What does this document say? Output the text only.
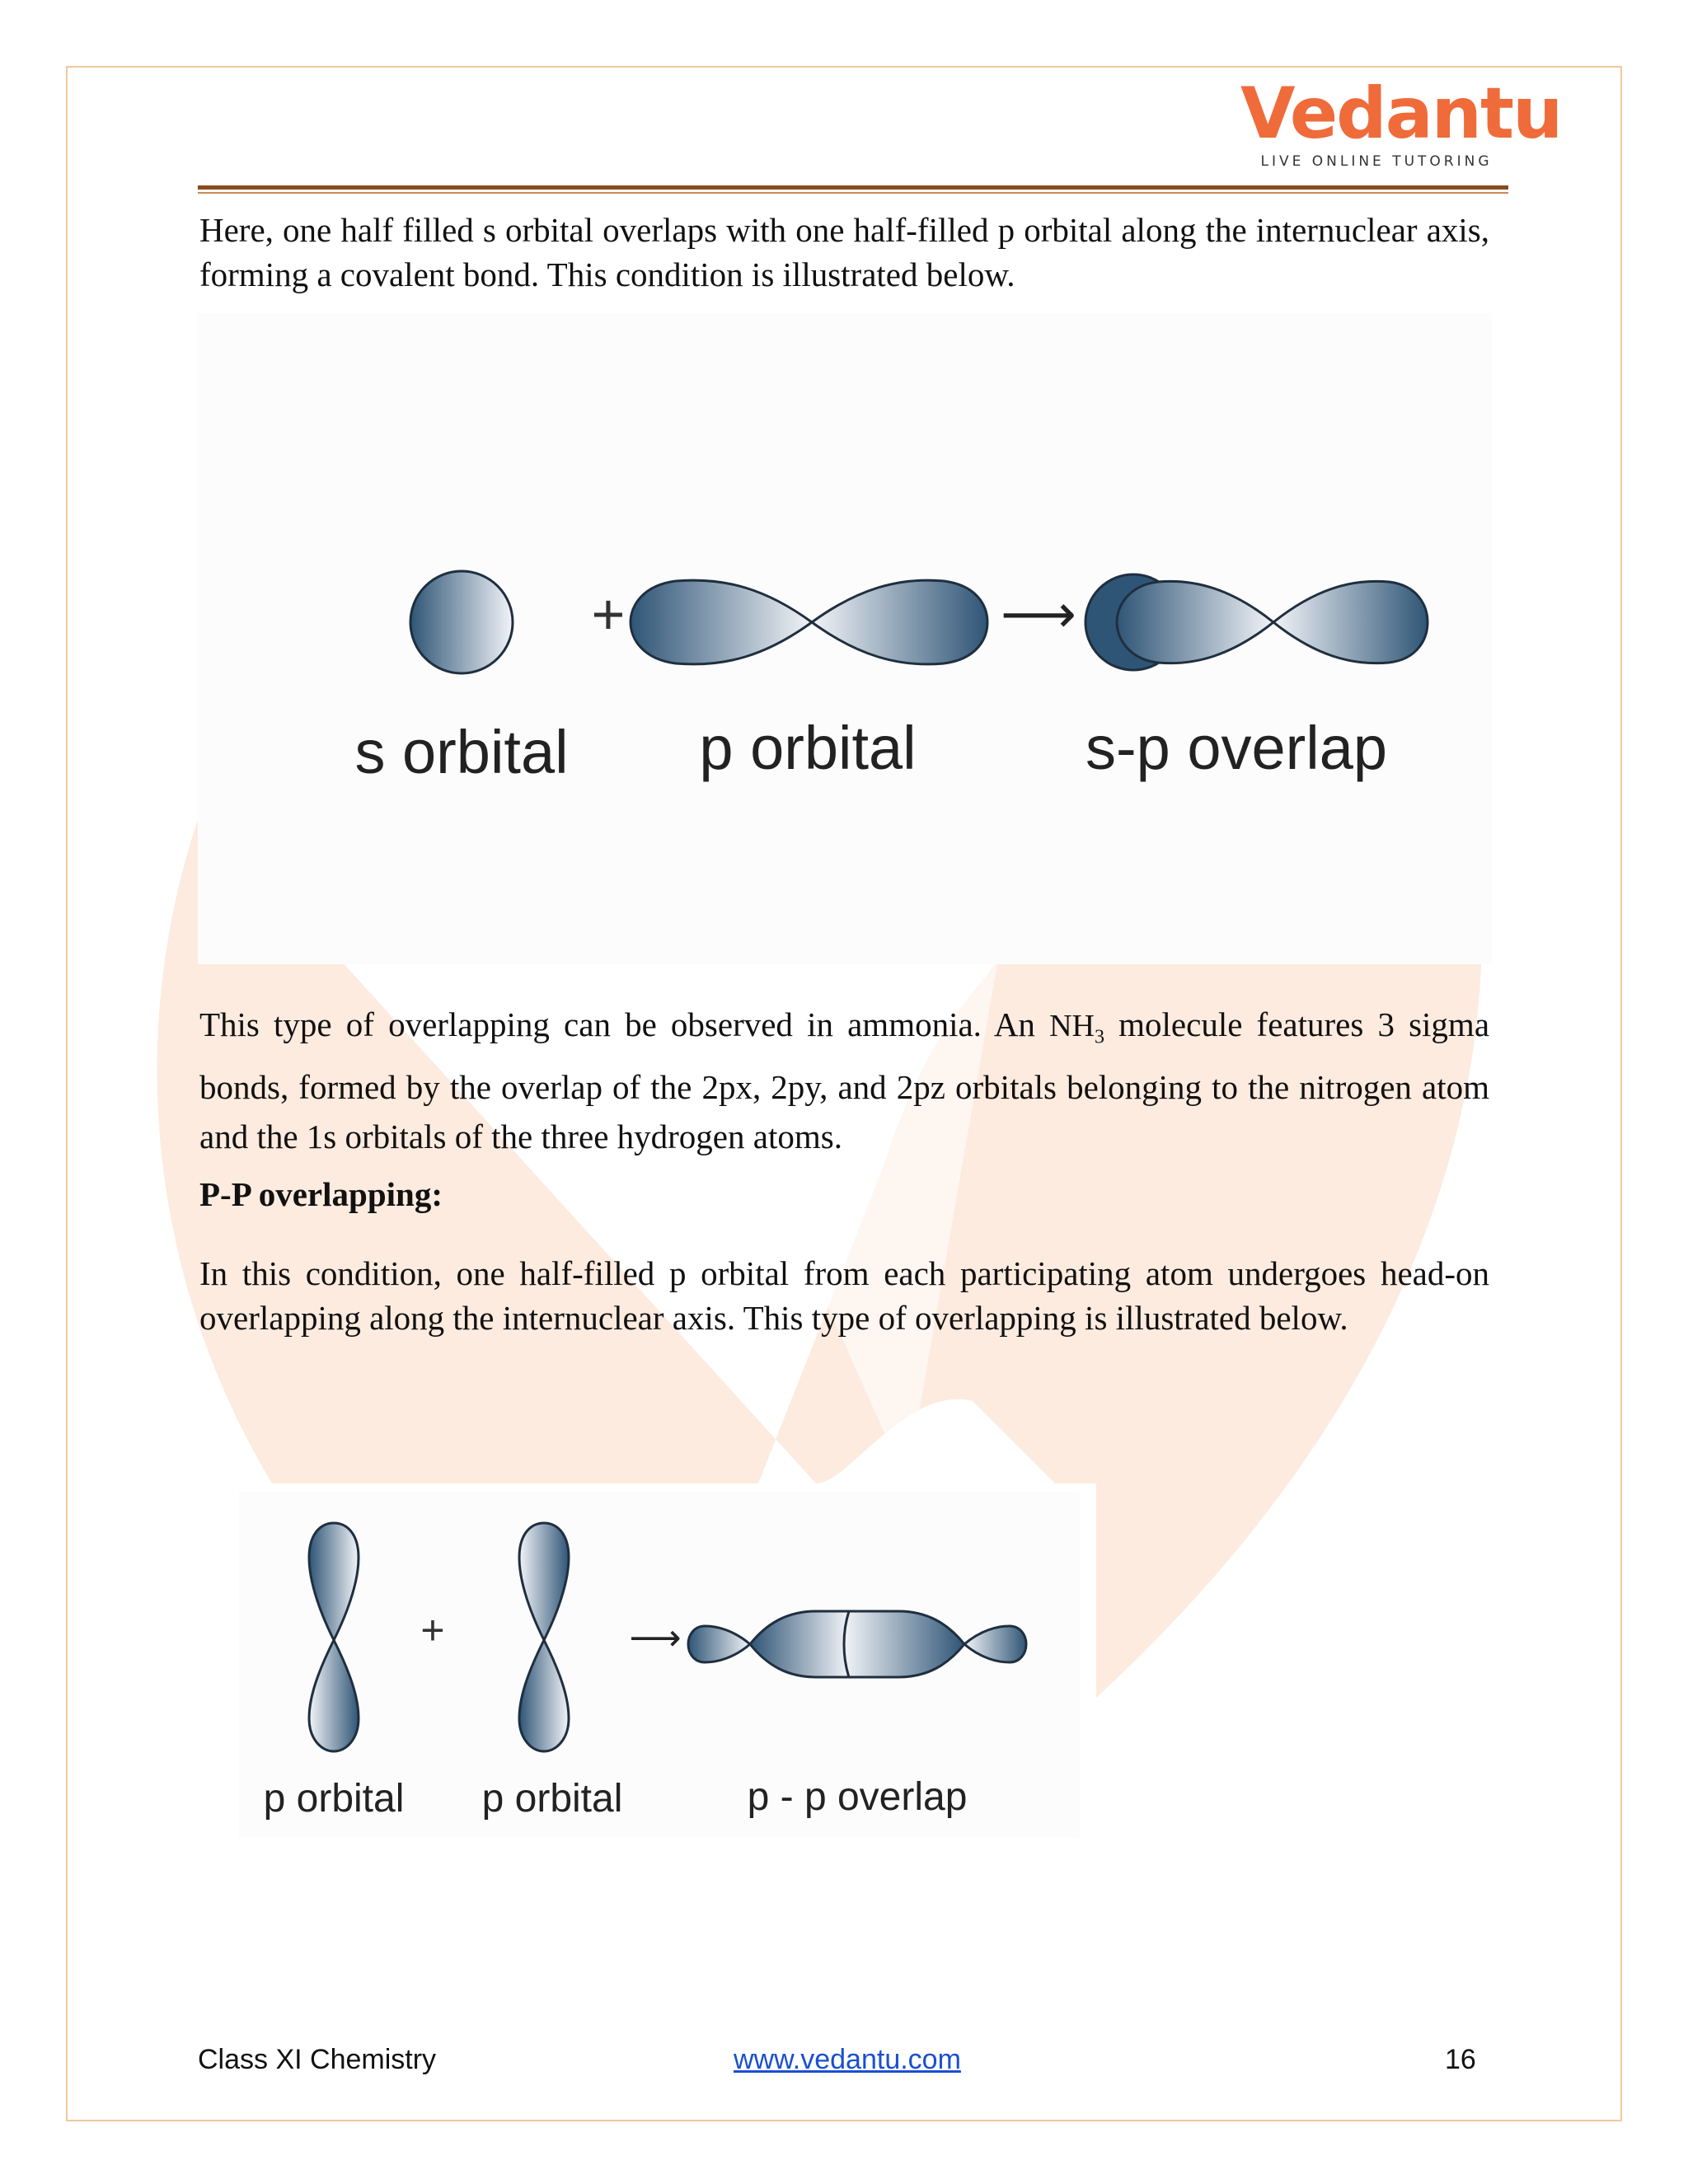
Vedantu
LIVE ONLINE TUTORING

Here, one half filled s orbital overlaps with one half-filled p orbital along the internuclear axis, forming a covalent bond. This condition is illustrated below.

+	⟶
s orbital	p orbital	s-p overlap

This type of overlapping can be observed in ammonia. An $NH_3$ molecule features 3 sigma bonds, formed by the overlap of the 2px, 2py, and 2pz orbitals belonging to the nitrogen atom and the 1s orbitals of the three hydrogen atoms.

P-P overlapping:

In this condition, one half-filled p orbital from each participating atom undergoes head-on overlapping along the internuclear axis. This type of overlapping is illustrated below.

+	⟶
p orbital p orbital	p - p overlap
Class XI Chemistry	www.vedantu.com	16
